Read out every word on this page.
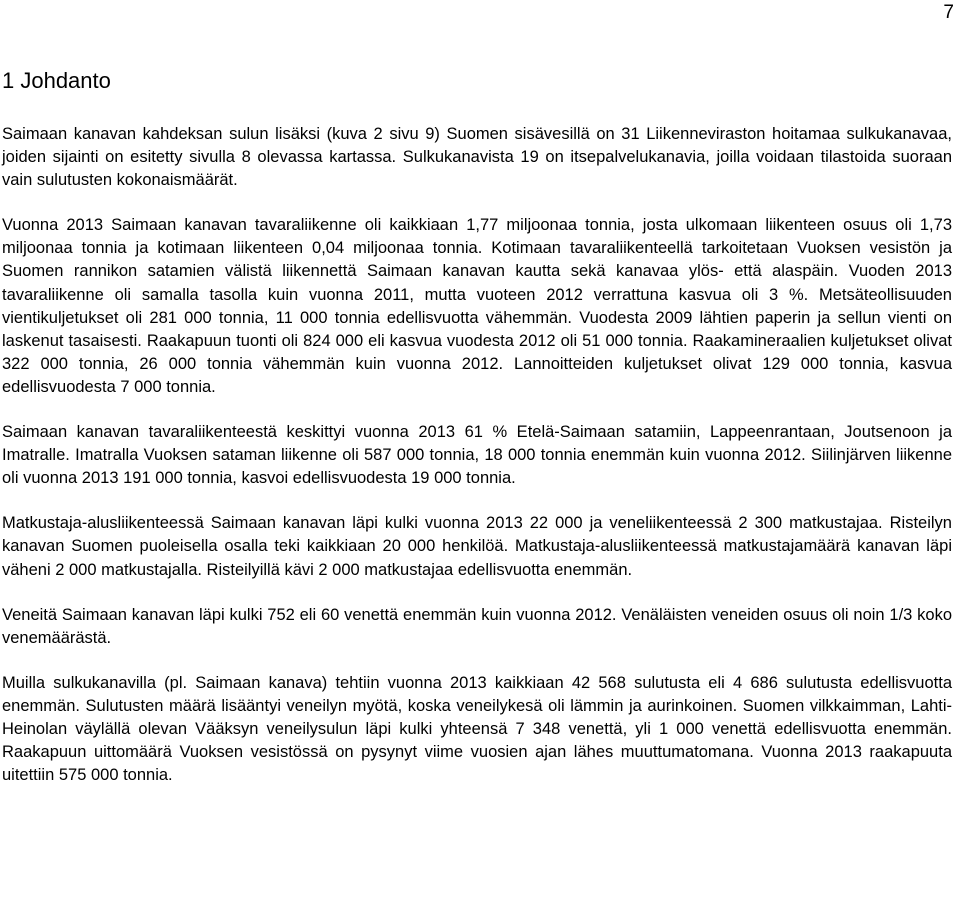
7
1 Johdanto

Saimaan kanavan kahdeksan sulun lisäksi (kuva 2 sivu 9) Suomen sisävesillä on 31 Liikenneviraston hoitamaa sulkukanavaa, joiden sijainti on esitetty sivulla 8 olevassa kartassa. Sulkukanavista 19 on itsepalvelukanavia, joilla voidaan tilastoida suoraan vain sulutusten kokonaismäärät.

Vuonna 2013 Saimaan kanavan tavaraliikenne oli kaikkiaan 1,77 miljoonaa tonnia, josta ulkomaan liikenteen osuus oli 1,73 miljoonaa tonnia ja kotimaan liikenteen 0,04 miljoonaa tonnia. Kotimaan tavaraliikenteellä tarkoitetaan Vuoksen vesistön ja Suomen rannikon satamien välistä liikennettä Saimaan kanavan kautta sekä kanavaa ylös- että alaspäin. Vuoden 2013 tavaraliikenne oli samalla tasolla kuin vuonna 2011, mutta vuoteen 2012 verrattuna kasvua oli 3 %. Metsäteollisuuden vientikuljetukset oli 281 000 tonnia, 11 000 tonnia edellisvuotta vähemmän. Vuodesta 2009 lähtien paperin ja sellun vienti on laskenut tasaisesti. Raakapuun tuonti oli 824 000 eli kasvua vuodesta 2012 oli 51 000 tonnia. Raakamineraalien kuljetukset olivat 322 000 tonnia, 26 000 tonnia vähemmän kuin vuonna 2012. Lannoitteiden kuljetukset olivat 129 000 tonnia, kasvua edellisvuodesta 7 000 tonnia.

Saimaan kanavan tavaraliikenteestä keskittyi vuonna 2013 61 % Etelä-Saimaan satamiin, Lappeenrantaan, Joutsenoon ja Imatralle. Imatralla Vuoksen sataman liikenne oli 587 000 tonnia, 18 000 tonnia enemmän kuin vuonna 2012. Siilinjärven liikenne oli vuonna 2013 191 000 tonnia, kasvoi edellisvuodesta 19 000 tonnia.

Matkustaja-alusliikenteessä Saimaan kanavan läpi kulki vuonna 2013 22 000 ja veneliikenteessä 2 300 matkustajaa. Risteilyn kanavan Suomen puoleisella osalla teki kaikkiaan 20 000 henkilöä. Matkustaja-alusliikenteessä matkustajamäärä kanavan läpi väheni 2 000 matkustajalla. Risteilyillä kävi 2 000 matkustajaa edellisvuotta enemmän.

Veneitä Saimaan kanavan läpi kulki 752 eli 60 venettä enemmän kuin vuonna 2012. Venäläisten veneiden osuus oli noin 1/3 koko venemäärästä.

Muilla sulkukanavilla (pl. Saimaan kanava) tehtiin vuonna 2013 kaikkiaan 42 568 sulutusta eli 4 686 sulutusta edellisvuotta enemmän. Sulutusten määrä lisääntyi veneilyn myötä, koska veneilykesä oli lämmin ja aurinkoinen. Suomen vilkkaimman, Lahti-Heinolan väylällä olevan Vääksyn veneilysulun läpi kulki yhteensä 7 348 venettä, yli 1 000 venettä edellisvuotta enemmän. Raakapuun uittomäärä Vuoksen vesistössä on pysynyt viime vuosien ajan lähes muuttumatomana. Vuonna 2013 raakapuuta uitettiin 575 000 tonnia.
